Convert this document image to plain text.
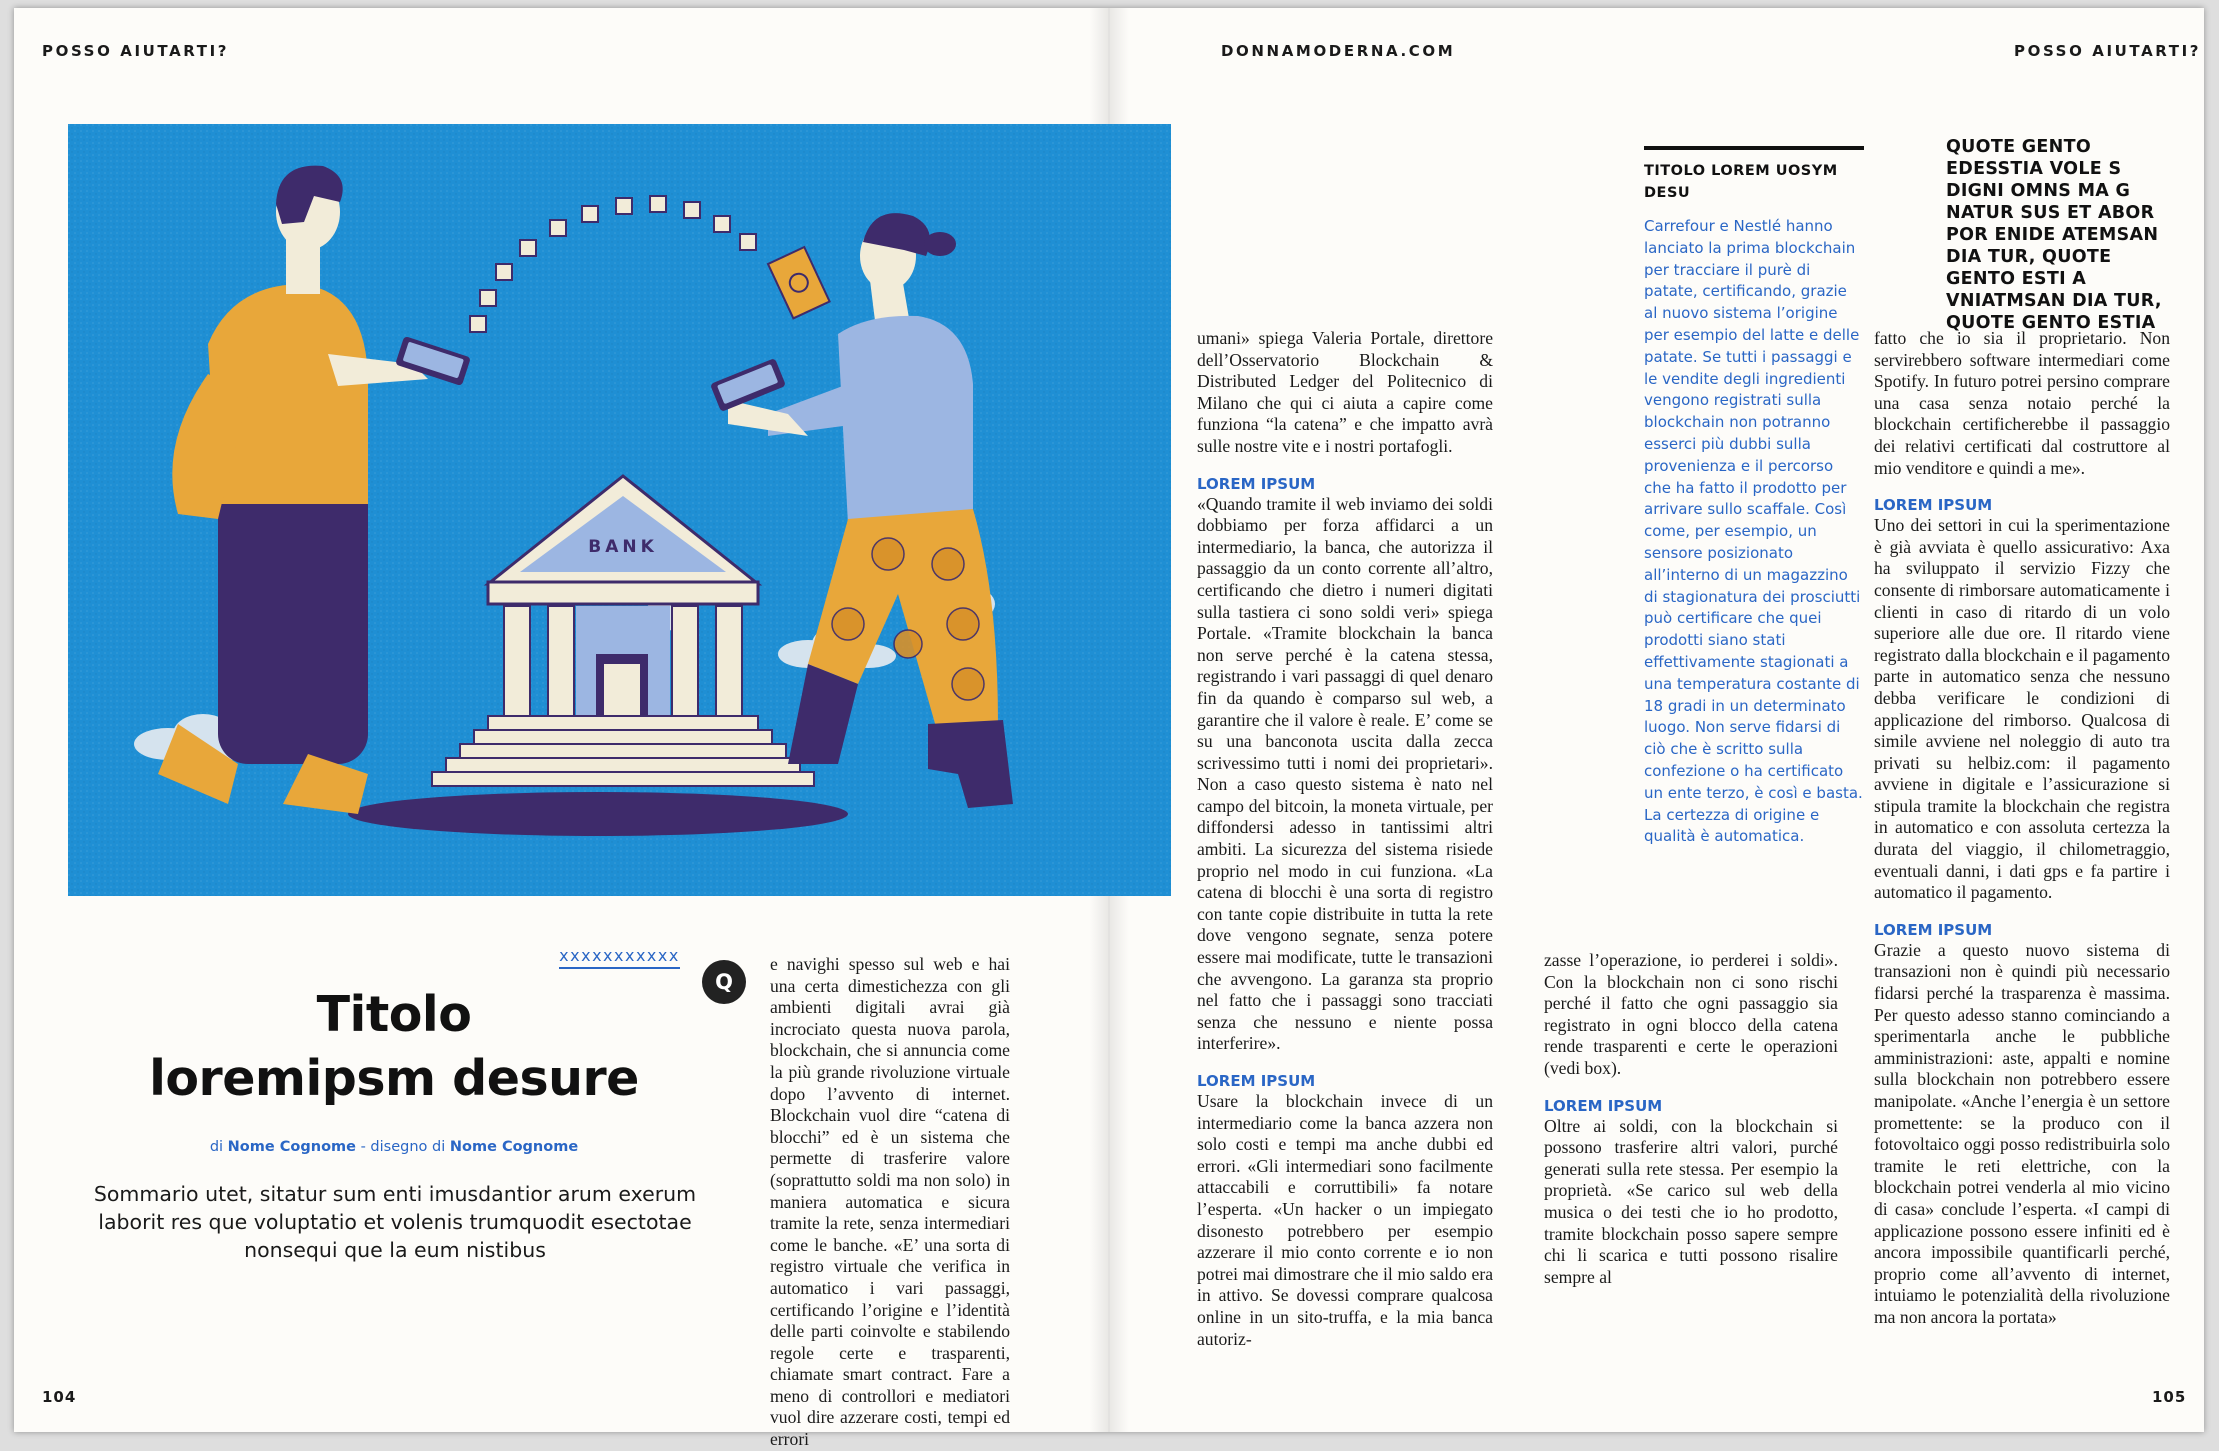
POSSO AIUTARTI?	DONNAMODERNA.COM	POSSO AIUTARTI?
BANK
xxxxxxxxxxx
Titolo
loremipsm desure
di Nome Cognome - disegno di Nome Cognome
Sommario utet, sitatur sum enti imusdantior arum exerum laborit res que voluptatio et volenis trumquodit esectotae nonsequi que la eum nistibus
Q

e navighi spesso sul web e hai una certa dimestichezza con gli ambienti digitali avrai già incrociato questa nuova parola, blockchain, che si annuncia come la più grande rivoluzione virtuale dopo l’avvento di internet. Blockchain vuol dire “catena di blocchi” ed è un sistema che permette di trasferire valore (soprattutto soldi ma non solo) in maniera automatica e sicura tramite la rete, senza intermediari come le banche. «E’ una sorta di registro virtuale che verifica in automatico i vari passaggi, certificando l’origine e l’identità delle parti coinvolte e stabilendo regole certe e trasparenti, chiamate smart contract. Fare a meno di controllori e mediatori vuol dire azzerare costi, tempi ed errori

umani» spiega Valeria Portale, direttore dell’Osservatorio Blockchain & Distributed Ledger del Politecnico di Milano che qui ci aiuta a capire come funziona “la catena” e che impatto avrà sulle nostre vite e i nostri portafogli.

LOREM IPSUM

«Quando tramite il web inviamo dei soldi dobbiamo per forza affidarci a un intermediario, la banca, che autorizza il passaggio da un conto corrente all’altro, certificando che dietro i numeri digitati sulla tastiera ci sono soldi veri» spiega Portale. «Tramite blockchain la banca non serve perché è la catena stessa, registrando i vari passaggi di quel denaro fin da quando è comparso sul web, a garantire che il valore è reale. E’ come se su una banconota uscita dalla zecca scrivessimo tutti i nomi dei proprietari». Non a caso questo sistema è nato nel campo del bitcoin, la moneta virtuale, per diffondersi adesso in tantissimi altri ambiti. La sicurezza del sistema risiede proprio nel modo in cui funziona. «La catena di blocchi è una sorta di registro con tante copie distribuite in tutta la rete dove vengono segnate, senza potere essere mai modificate, tutte le transazioni che avvengono. La garanza sta proprio nel fatto che i passaggi sono tracciati senza che nessuno e niente possa interferire».

LOREM IPSUM

Usare la blockchain invece di un intermediario come la banca azzera non solo costi e tempi ma anche dubbi ed errori. «Gli intermediari sono facilmente attaccabili e corruttibili» fa notare l’esperta. «Un hacker o un impiegato disonesto potrebbero per esempio azzerare il mio conto corrente e io non potrei mai dimostrare che il mio saldo era in attivo. Se dovessi comprare qualcosa online in un sito-truffa, e la mia banca autoriz-

zasse l’operazione, io perderei i soldi». Con la blockchain non ci sono rischi perché il fatto che ogni passaggio sia registrato in ogni blocco della catena rende trasparenti e certe le operazioni (vedi box).

LOREM IPSUM

Oltre ai soldi, con la blockchain si possono trasferire altri valori, purché generati sulla rete stessa. Per esempio la proprietà. «Se carico sul web della musica o dei testi che io ho prodotto, tramite blockchain posso sapere sempre chi li scarica e tutti possono risalire sempre al

TITOLO LOREM UOSYM DESU

Carrefour e Nestlé hanno lanciato la prima blockchain per tracciare il purè di patate, certificando, grazie al nuovo sistema l’origine per esempio del latte e delle patate. Se tutti i passaggi e le vendite degli ingredienti vengono registrati sulla blockchain non potranno esserci più dubbi sulla provenienza e il percorso che ha fatto il prodotto per arrivare sullo scaffale. Così come, per esempio, un sensore posizionato all’interno di un magazzino di stagionatura dei prosciutti può certificare che quei prodotti siano stati effettivamente stagionati a una temperatura costante di 18 gradi in un determinato luogo. Non serve fidarsi di ciò che è scritto sulla confezione o ha certificato un ente terzo, è così e basta. La certezza di origine e qualità è automatica.
QUOTE GENTO EDESSTIA VOLE S DIGNI OMNS MA G NATUR SUS ET ABOR POR ENIDE ATEMSAN DIA TUR, QUOTE GENTO ESTI A VNIATMSAN DIA TUR, QUOTE GENTO ESTIA

fatto che io sia il proprietario. Non servirebbero software intermediari come Spotify. In futuro potrei persino comprare una casa senza notaio perché la blockchain certificherebbe il passaggio dei relativi certificati dal costruttore al mio venditore e quindi a me».

LOREM IPSUM

Uno dei settori in cui la sperimentazione è già avviata è quello assicurativo: Axa ha sviluppato il servizio Fizzy che consente di rimborsare automaticamente i clienti in caso di ritardo di un volo superiore alle due ore. Il ritardo viene registrato dalla blockchain e il pagamento parte in automatico senza che nessuno debba verificare le condizioni di applicazione del rimborso. Qualcosa di simile avviene nel noleggio di auto tra privati su helbiz.com: il pagamento avviene in digitale e l’assicurazione si stipula tramite la blockchain che registra in automatico e con assoluta certezza la durata del viaggio, il chilometraggio, eventuali danni, i dati gps e fa partire i automatico il pagamento.

LOREM IPSUM

Grazie a questo nuovo sistema di transazioni non è quindi più necessario fidarsi perché la trasparenza è massima. Per questo adesso stanno cominciando a sperimentarla anche le pubbliche amministrazioni: aste, appalti e nomine sulla blockchain non potrebbero essere manipolate. «Anche l’energia è un settore promettente: se la produco con il fotovoltaico oggi posso redistribuirla solo tramite le reti elettriche, con la blockchain potrei venderla al mio vicino di casa» conclude l’esperta. «I campi di applicazione possono essere infiniti ed è ancora impossibile quantificarli perché, proprio come all’avvento di internet, intuiamo le potenzialità della rivoluzione ma non ancora la portata»

104	105
